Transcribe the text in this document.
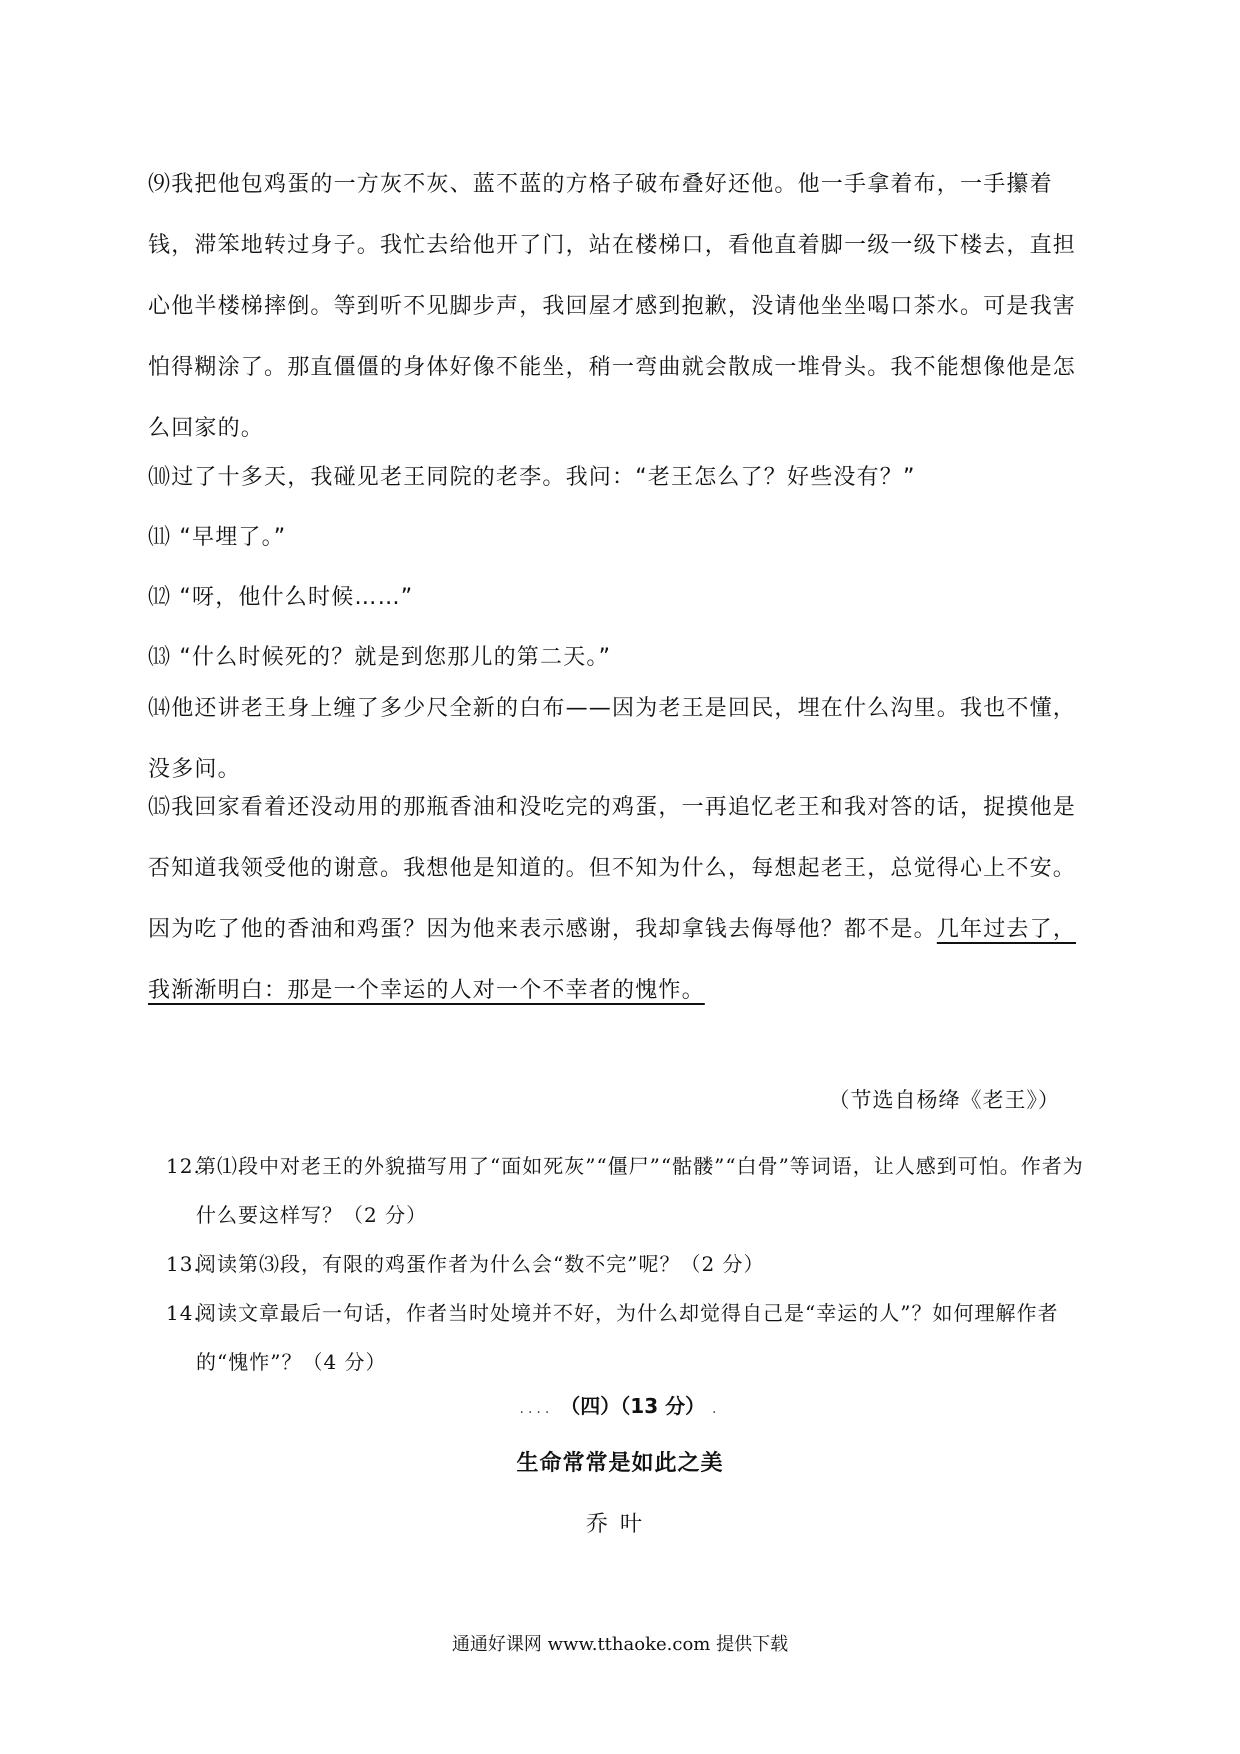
⑼我把他包鸡蛋的一方灰不灰、蓝不蓝的方格子破布叠好还他。他一手拿着布，一手攥着钱，滞笨地转过身子。我忙去给他开了门，站在楼梯口，看他直着脚一级一级下楼去，直担心他半楼梯摔倒。等到听不见脚步声，我回屋才感到抱歉，没请他坐坐喝口茶水。可是我害怕得糊涂了。那直僵僵的身体好像不能坐，稍一弯曲就会散成一堆骨头。我不能想像他是怎么回家的。

⑽过了十多天，我碰见老王同院的老李。我问：“老王怎么了？好些没有？”

⑾ “早埋了。”

⑿ “呀，他什么时候……”

⒀ “什么时候死的？就是到您那儿的第二天。”

⒁他还讲老王身上缠了多少尺全新的白布——因为老王是回民，埋在什么沟里。我也不懂，没多问。

⒂我回家看着还没动用的那瓶香油和没吃完的鸡蛋，一再追忆老王和我对答的话，捉摸他是否知道我领受他的谢意。我想他是知道的。但不知为什么，每想起老王，总觉得心上不安。因为吃了他的香油和鸡蛋？因为他来表示感谢，我却拿钱去侮辱他？都不是。几年过去了，我渐渐明白：那是一个幸运的人对一个不幸者的愧怍。

（节选自杨绛《老王》）
12.第⑴段中对老王的外貌描写用了“面如死灰”“僵尸”“骷髅”“白骨”等词语，让人感到可怕。作者为什么要这样写？（2 分）
13.阅读第⑶段，有限的鸡蛋作者为什么会“数不完”呢？（2 分）
14.阅读文章最后一句话，作者当时处境并不好，为什么却觉得自己是“幸运的人”？如何理解作者的“愧怍”？（4 分）
.... （四）（13 分） .
生命常常是如此之美
乔叶
通通好课网 www.tthaoke.com 提供下载
